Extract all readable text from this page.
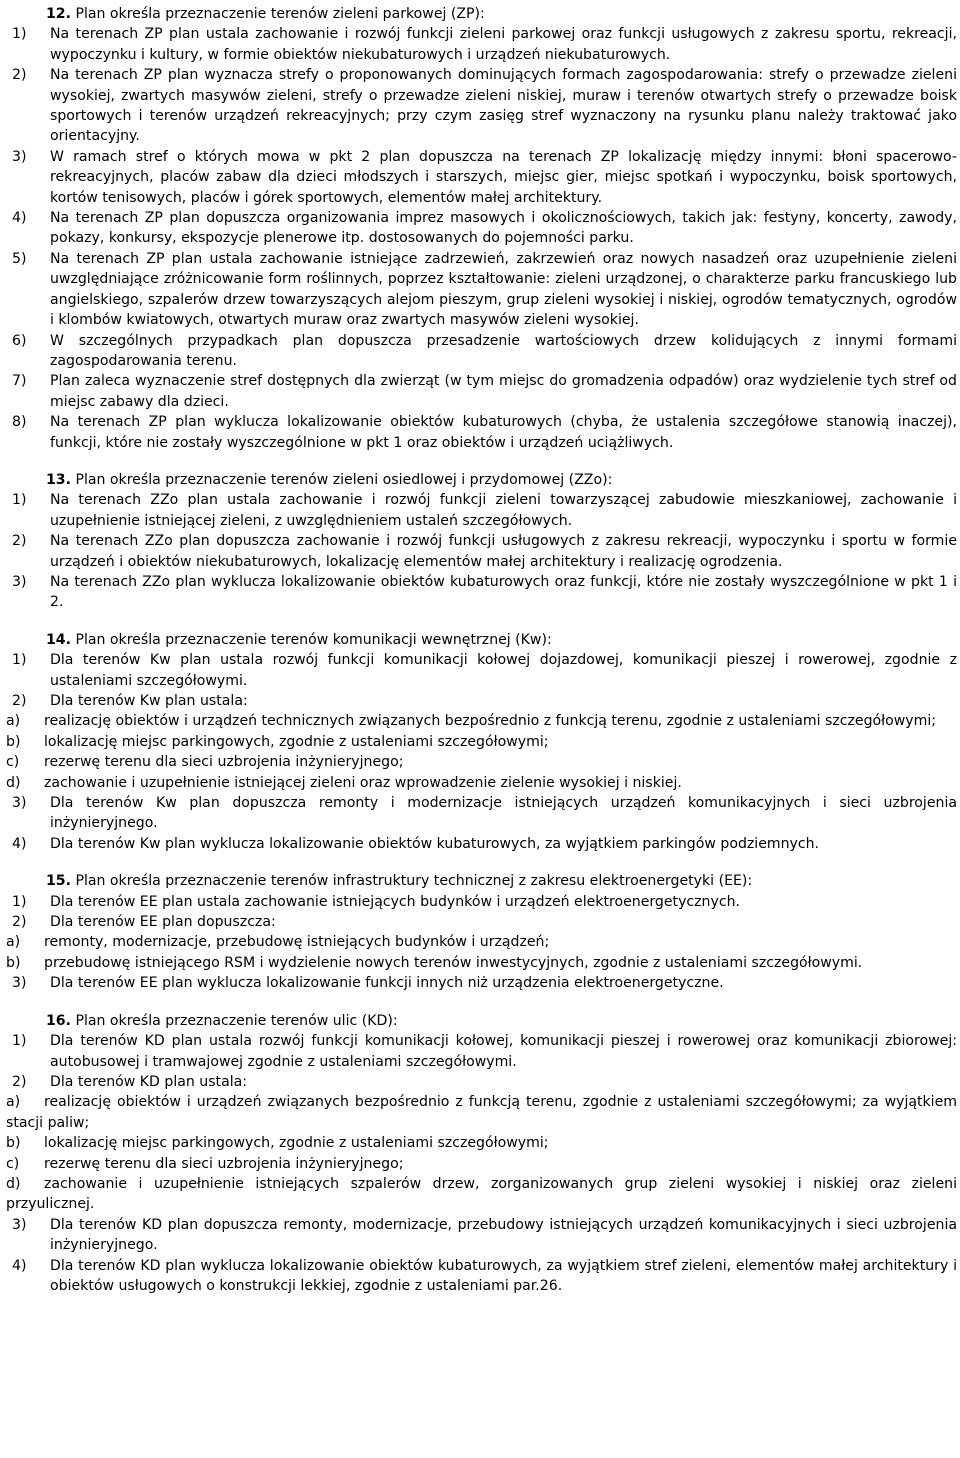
12. Plan określa przeznaczenie terenów zieleni parkowej (ZP):
1)	Na terenach ZP plan ustala zachowanie i rozwój funkcji zieleni parkowej oraz funkcji usługowych z zakresu sportu, rekreacji, wypoczynku i kultury, w formie obiektów niekubaturowych i urządzeń niekubaturowych.
2)	Na terenach ZP plan wyznacza strefy o proponowanych dominujących formach zagospodarowania: strefy o przewadze zieleni wysokiej, zwartych masywów zieleni, strefy o przewadze zieleni niskiej, muraw i terenów otwartych strefy o przewadze boisk sportowych i terenów urządzeń rekreacyjnych; przy czym zasięg stref wyznaczony na rysunku planu należy traktować jako orientacyjny.
3)	W ramach stref o których mowa w pkt 2 plan dopuszcza na terenach ZP lokalizację między innymi: błoni spacerowo-rekreacyjnych, placów zabaw dla dzieci młodszych i starszych, miejsc gier, miejsc spotkań i wypoczynku, boisk sportowych, kortów tenisowych, placów i górek sportowych, elementów małej architektury.
4)	Na terenach ZP plan dopuszcza organizowania imprez masowych i okolicznościowych, takich jak: festyny, koncerty, zawody, pokazy, konkursy, ekspozycje plenerowe itp. dostosowanych do pojemności parku.
5)	Na terenach ZP plan ustala zachowanie istniejące zadrzewień, zakrzewień oraz nowych nasadzeń oraz uzupełnienie zieleni uwzględniające zróżnicowanie form roślinnych, poprzez kształtowanie: zieleni urządzonej, o charakterze parku francuskiego lub angielskiego, szpalerów drzew towarzyszących alejom pieszym, grup zieleni wysokiej i niskiej, ogrodów tematycznych, ogrodów i klombów kwiatowych, otwartych muraw oraz zwartych masywów zieleni wysokiej.
6)	W szczególnych przypadkach plan dopuszcza przesadzenie wartościowych drzew kolidujących z innymi formami zagospodarowania terenu.
7)	Plan zaleca wyznaczenie stref dostępnych dla zwierząt (w tym miejsc do gromadzenia odpadów) oraz wydzielenie tych stref od miejsc zabawy dla dzieci.
8)	Na terenach ZP plan wyklucza lokalizowanie obiektów kubaturowych (chyba, że ustalenia szczegółowe stanowią inaczej), funkcji, które nie zostały wyszczególnione w pkt 1 oraz obiektów i urządzeń uciążliwych.
13. Plan określa przeznaczenie terenów zieleni osiedlowej i przydomowej (ZZo):
1)	Na terenach ZZo plan ustala zachowanie i rozwój funkcji zieleni towarzyszącej zabudowie mieszkaniowej, zachowanie i uzupełnienie istniejącej zieleni, z uwzględnieniem ustaleń szczegółowych.
2)	Na terenach ZZo plan dopuszcza zachowanie i rozwój funkcji usługowych z zakresu rekreacji, wypoczynku i sportu w formie urządzeń i obiektów niekubaturowych, lokalizację elementów małej architektury i realizację ogrodzenia.
3)	Na terenach ZZo plan wyklucza lokalizowanie obiektów kubaturowych oraz funkcji, które nie zostały wyszczególnione w pkt 1 i 2.
14. Plan określa przeznaczenie terenów komunikacji wewnętrznej (Kw):
1)	Dla terenów Kw plan ustala rozwój funkcji komunikacji kołowej dojazdowej, komunikacji pieszej i rowerowej, zgodnie z ustaleniami szczegółowymi.
2)	Dla terenów Kw plan ustala:
a) realizację obiektów i urządzeń technicznych związanych bezpośrednio z funkcją terenu, zgodnie z ustaleniami szczegółowymi;
b) lokalizację miejsc parkingowych, zgodnie z ustaleniami szczegółowymi;
c) rezerwę terenu dla sieci uzbrojenia inżynieryjnego;
d) zachowanie i uzupełnienie istniejącej zieleni oraz wprowadzenie zielenie wysokiej i niskiej.
3)	Dla terenów Kw plan dopuszcza remonty i modernizacje istniejących urządzeń komunikacyjnych i sieci uzbrojenia inżynieryjnego.
4)	Dla terenów Kw plan wyklucza lokalizowanie obiektów kubaturowych, za wyjątkiem parkingów podziemnych.
15. Plan określa przeznaczenie terenów infrastruktury technicznej z zakresu elektroenergetyki (EE):
1)	Dla terenów EE plan ustala zachowanie istniejących budynków i urządzeń elektroenergetycznych.
2)	Dla terenów EE plan dopuszcza:
a) remonty, modernizacje, przebudowę istniejących budynków i urządzeń;
b) przebudowę istniejącego RSM i wydzielenie nowych terenów inwestycyjnych, zgodnie z ustaleniami szczegółowymi.
3)	Dla terenów EE plan wyklucza lokalizowanie funkcji innych niż urządzenia elektroenergetyczne.
16. Plan określa przeznaczenie terenów ulic (KD):
1)	Dla terenów KD plan ustala rozwój funkcji komunikacji kołowej, komunikacji pieszej i rowerowej oraz komunikacji zbiorowej: autobusowej i tramwajowej zgodnie z ustaleniami szczegółowymi.
2)	Dla terenów KD plan ustala:
a) realizację obiektów i urządzeń związanych bezpośrednio z funkcją terenu, zgodnie z ustaleniami szczegółowymi; za wyjątkiem stacji paliw;
b) lokalizację miejsc parkingowych, zgodnie z ustaleniami szczegółowymi;
c) rezerwę terenu dla sieci uzbrojenia inżynieryjnego;
d) zachowanie i uzupełnienie istniejących szpalerów drzew, zorganizowanych grup zieleni wysokiej i niskiej oraz zieleni przyulicznej.
3)	Dla terenów KD plan dopuszcza remonty, modernizacje, przebudowy istniejących urządzeń komunikacyjnych i sieci uzbrojenia inżynieryjnego.
4)	Dla terenów KD plan wyklucza lokalizowanie obiektów kubaturowych, za wyjątkiem stref zieleni, elementów małej architektury i obiektów usługowych o konstrukcji lekkiej, zgodnie z ustaleniami par.26.
